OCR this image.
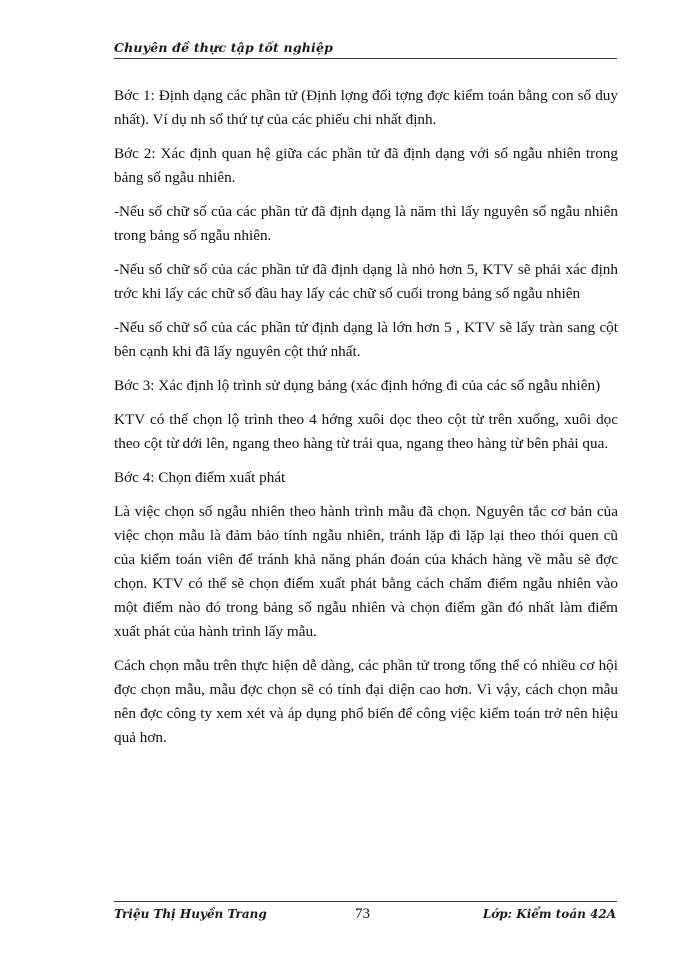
Chuyên đề thực tập tốt nghiệp

Bớc 1: Định dạng các phần tử (Định lợng đối tợng đợc kiểm toán bằng con số duy nhất). Ví dụ nh số thứ tự của các phiếu chi nhất định.

Bớc 2: Xác định quan hệ giữa các phần tử đã định dạng với số ngẫu nhiên trong bảng số ngẫu nhiên.

-Nếu số chữ số của các phần tử đã định dạng là năm thì lấy nguyên số ngẫu nhiên trong bảng số ngẫu nhiên.

-Nếu số chữ số của các phần tử đã định dạng là nhỏ hơn 5, KTV sẽ phải xác định trớc khi lấy các chữ số đầu hay lấy các chữ số cuối trong bảng số ngẫu nhiên

-Nếu số chữ số của các phần tử định dạng là lớn hơn 5 , KTV sẽ lấy tràn sang cột bên cạnh khi đã lấy nguyên cột thứ nhất.

Bớc 3: Xác định lộ trình sử dụng bảng (xác định hớng đi của các số ngẫu nhiên)

KTV có thể chọn lộ trình theo 4 hớng xuôi dọc theo cột từ trên xuống, xuôi dọc theo cột từ dới lên, ngang theo hàng từ trái qua, ngang theo hàng từ bên phải qua.

Bớc 4: Chọn điểm xuất phát

Là việc chọn số ngẫu nhiên theo hành trình mẫu đã chọn. Nguyên tắc cơ bản của việc chọn mẫu là đảm bảo tính ngẫu nhiên, tránh lặp đi lặp lại theo thói quen cũ của kiểm toán viên để tránh khả năng phán đoán của khách hàng về mẫu sẽ đợc chọn. KTV có thể sẽ chọn điểm xuất phát bằng cách chấm điểm ngẫu nhiên vào một điểm nào đó trong bảng số ngẫu nhiên và chọn điểm gần đó nhất làm điểm xuất phát của hành trình lấy mẫu.

Cách chọn mẫu trên thực hiện dễ dàng, các phần tử trong tổng thể có nhiều cơ hội đợc chọn mẫu, mẫu đợc chọn sẽ có tính đại diện cao hơn. Vì vậy, cách chọn mẫu nên đợc công ty xem xét và áp dụng phổ biến để công việc kiểm toán trở nên hiệu quả hơn.

Triệu Thị Huyền Trang	73	Lớp: Kiểm toán 42A
